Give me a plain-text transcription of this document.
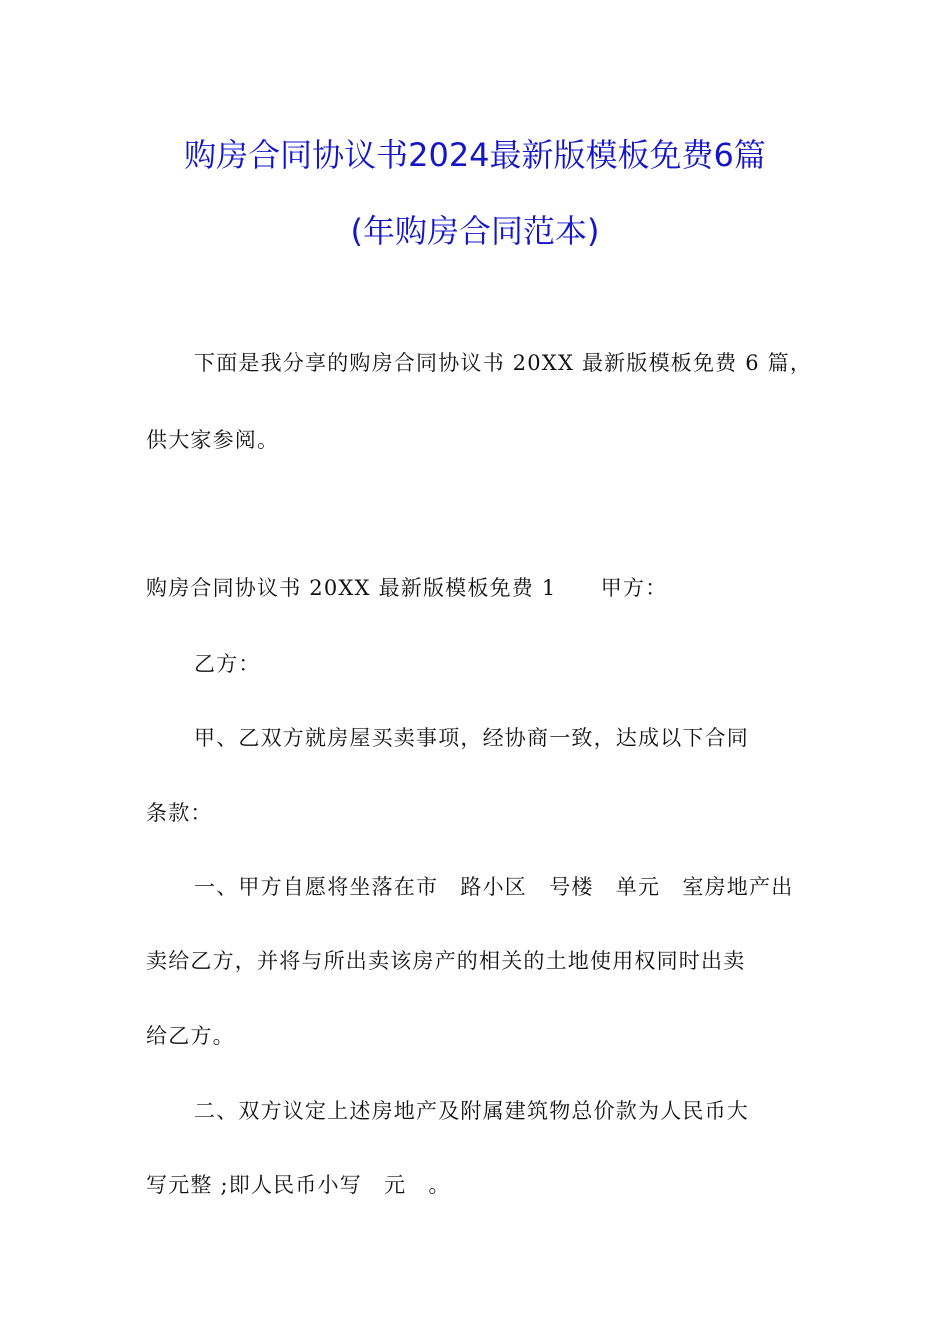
购房合同协议书2024最新版模板免费6篇
(年购房合同范本)
下面是我分享的购房合同协议书 20XX 最新版模板免费 6 篇，
供大家参阅。
购房合同协议书 20XX 最新版模板免费 1　　甲方：
乙方：
甲、乙双方就房屋买卖事项，经协商一致，达成以下合同
条款：
一、甲方自愿将坐落在市　路小区　号楼　单元　室房地产出
卖给乙方，并将与所出卖该房产的相关的土地使用权同时出卖
给乙方。
二、双方议定上述房地产及附属建筑物总价款为人民币大
写元整 ;即人民币小写　元　。
